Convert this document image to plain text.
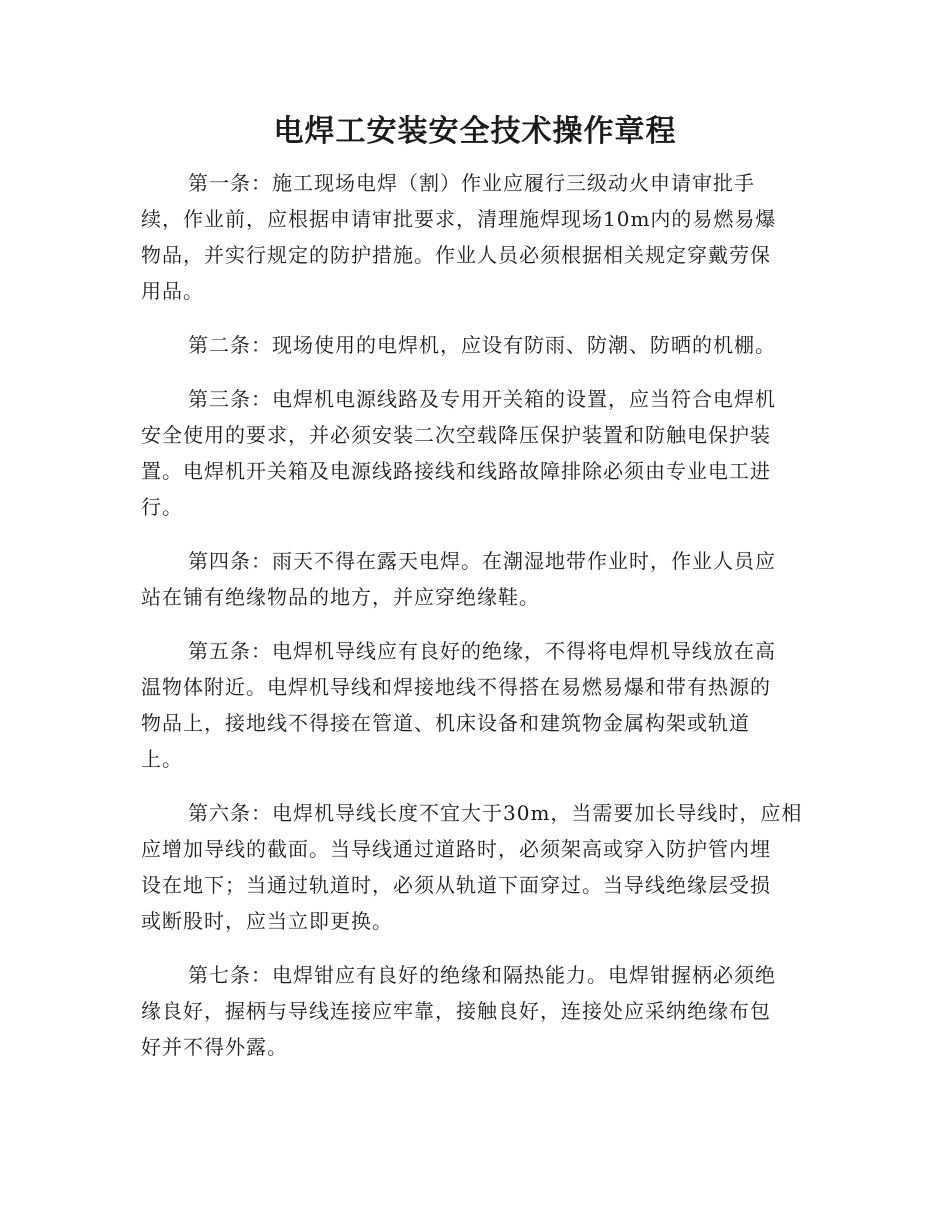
电焊工安装安全技术操作章程

第一条：施工现场电焊（割）作业应履行三级动火申请审批手

续，作业前，应根据申请审批要求，清理施焊现场10m内的易燃易爆

物品，并实行规定的防护措施。作业人员必须根据相关规定穿戴劳保

用品。

第二条：现场使用的电焊机，应设有防雨、防潮、防晒的机棚。

第三条：电焊机电源线路及专用开关箱的设置，应当符合电焊机

安全使用的要求，并必须安装二次空载降压保护装置和防触电保护装

置。电焊机开关箱及电源线路接线和线路故障排除必须由专业电工进

行。

第四条：雨天不得在露天电焊。在潮湿地带作业时，作业人员应

站在铺有绝缘物品的地方，并应穿绝缘鞋。

第五条：电焊机导线应有良好的绝缘，不得将电焊机导线放在高

温物体附近。电焊机导线和焊接地线不得搭在易燃易爆和带有热源的

物品上，接地线不得接在管道、机床设备和建筑物金属构架或轨道

上。

第六条：电焊机导线长度不宜大于30m，当需要加长导线时，应相

应增加导线的截面。当导线通过道路时，必须架高或穿入防护管内埋

设在地下；当通过轨道时，必须从轨道下面穿过。当导线绝缘层受损

或断股时，应当立即更换。

第七条：电焊钳应有良好的绝缘和隔热能力。电焊钳握柄必须绝

缘良好，握柄与导线连接应牢靠，接触良好，连接处应采纳绝缘布包

好并不得外露。
